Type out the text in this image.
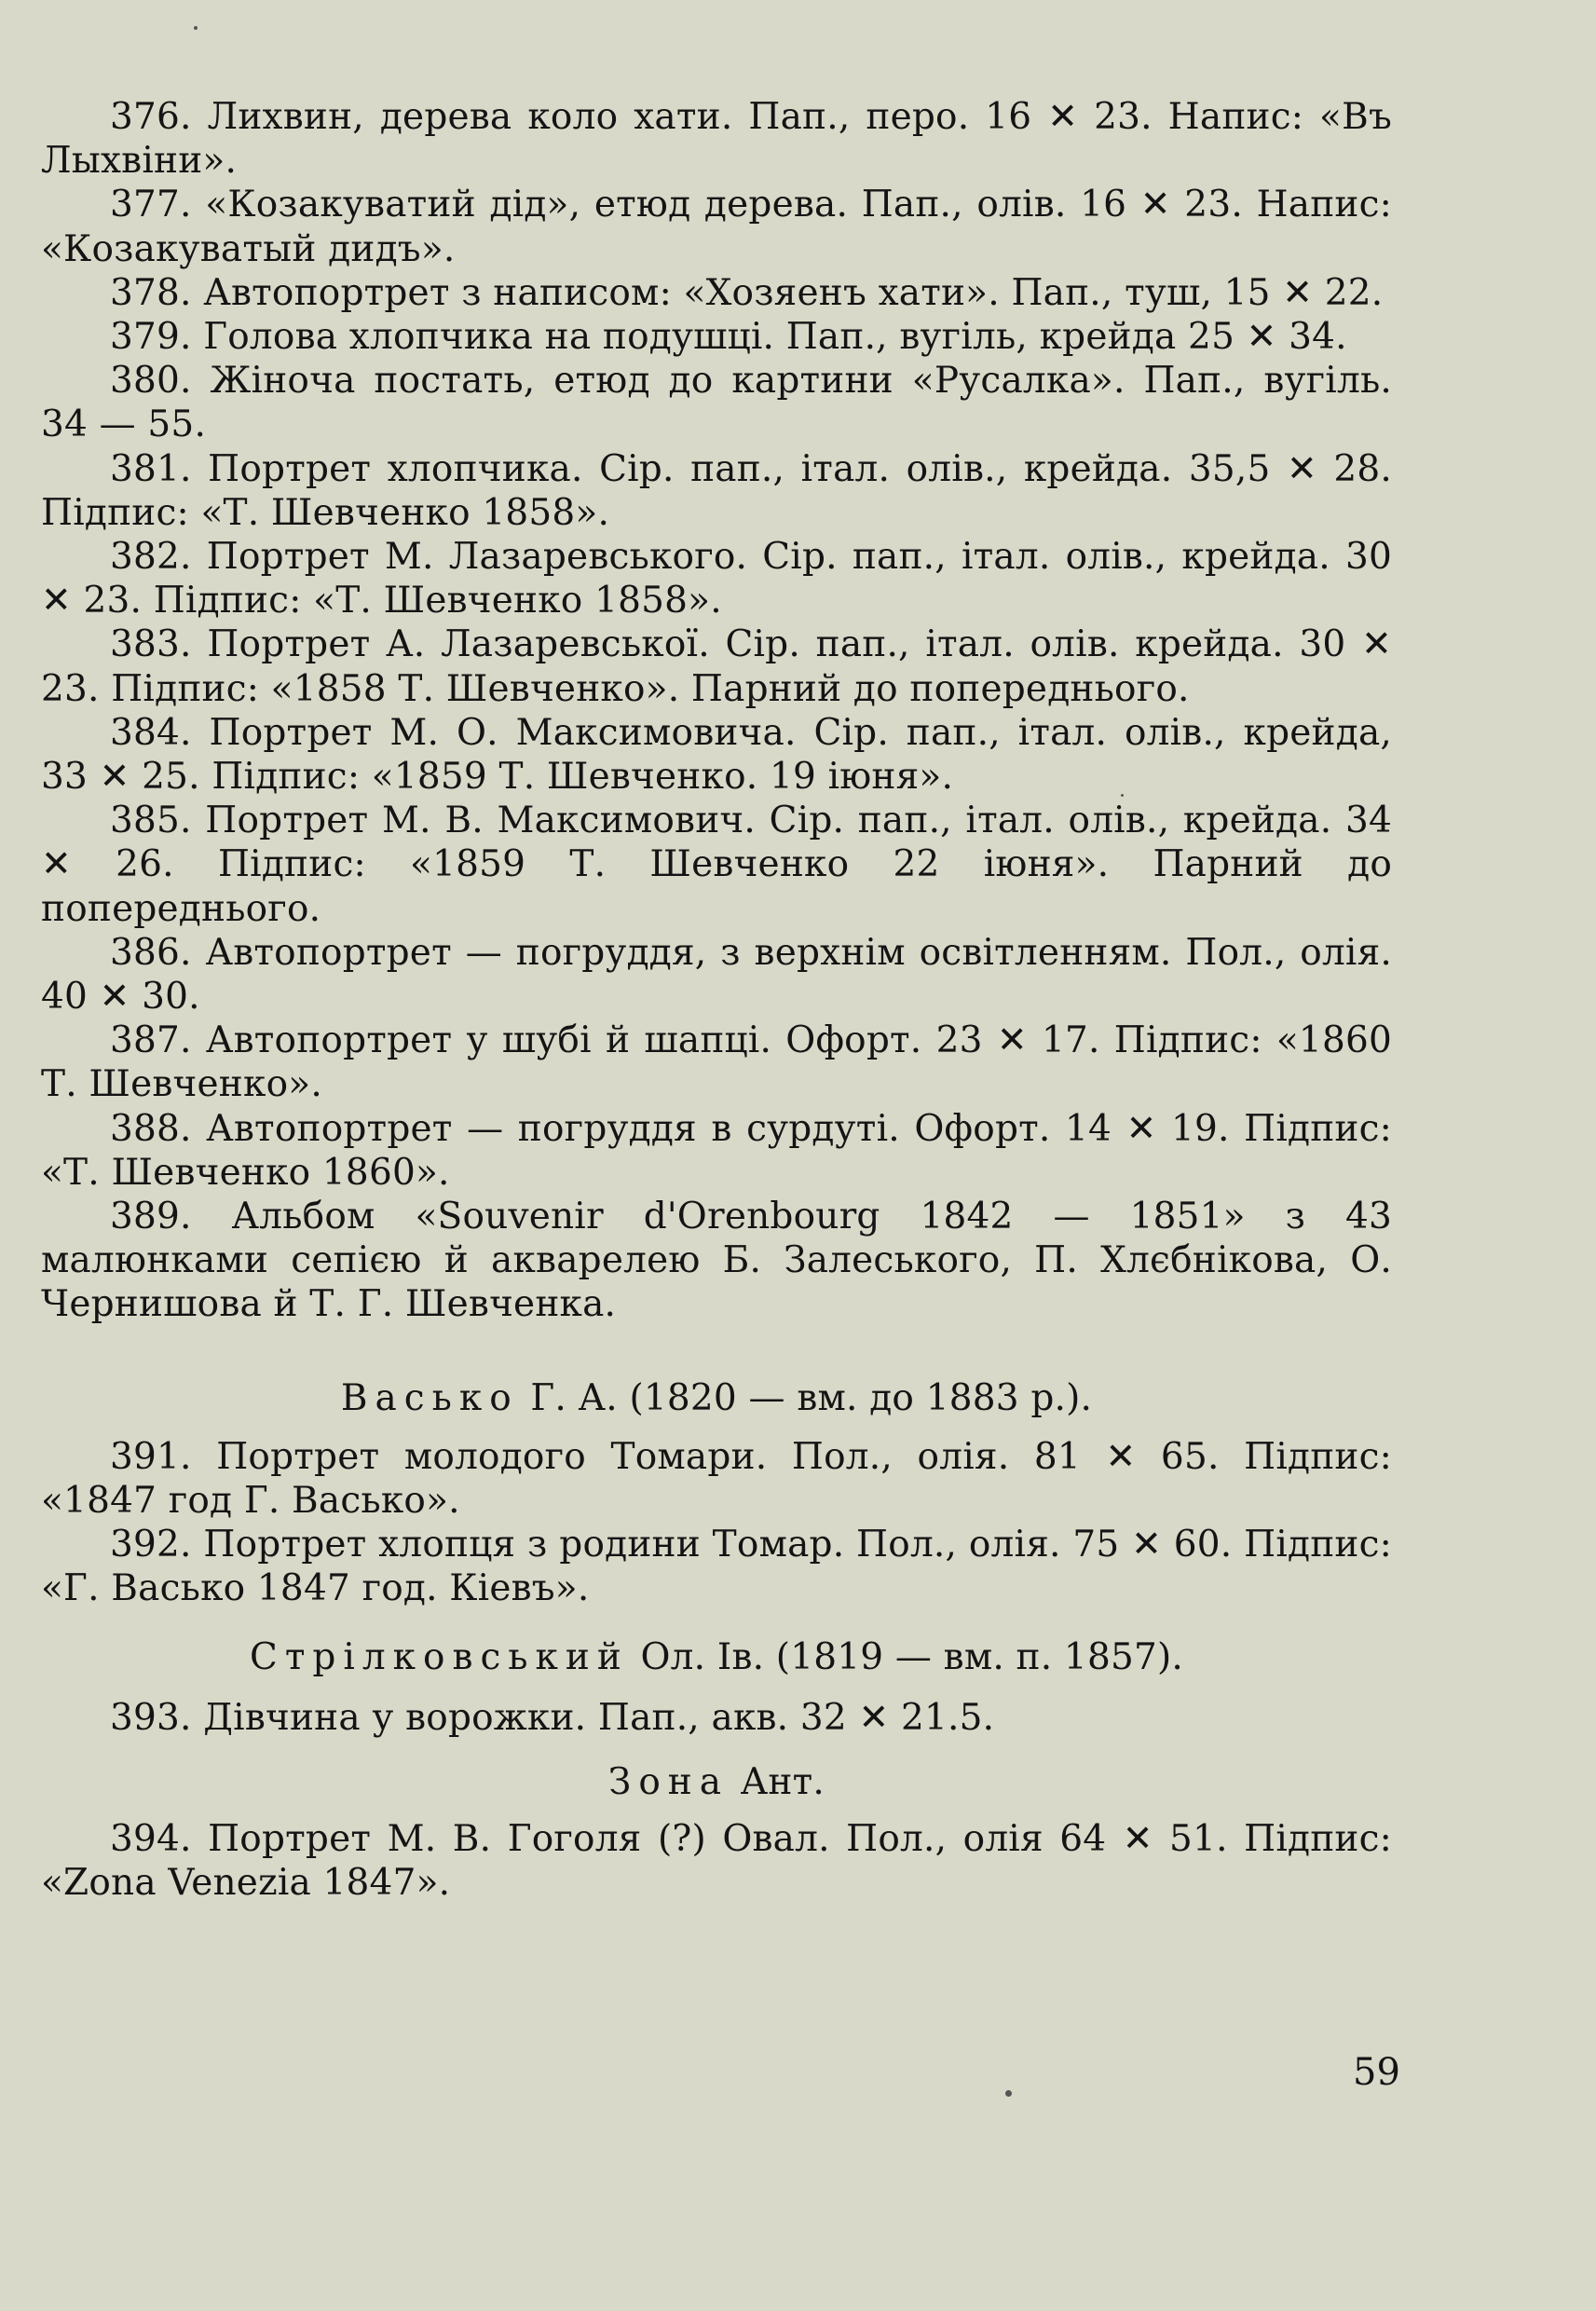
376. Лихвин, дерева коло хати. Пап., перо. 16 ✕ 23. Напис: «Въ Лыхвіни».

377. «Козакуватий дід», етюд дерева. Пап., олів. 16 ✕ 23. Напис: «Козакуватый дидъ».

378. Автопортрет з написом: «Хозяенъ хати». Пап., туш, 15 ✕ 22.

379. Голова хлопчика на подушці. Пап., вугіль, крейда 25 ✕ 34.

380. Жіноча постать, етюд до картини «Русалка». Пап., вугіль. 34 — 55.

381. Портрет хлопчика. Сір. пап., італ. олів., крейда. 35,5 ✕ 28. Підпис: «Т. Шевченко 1858».

382. Портрет М. Лазаревського. Сір. пап., італ. олів., крейда. 30 ✕ 23. Підпис: «Т. Шевченко 1858».

383. Портрет А. Лазаревської. Сір. пап., італ. олів. крейда. 30 ✕ 23. Підпис: «1858 Т. Шевченко». Парний до попереднього.

384. Портрет М. О. Максимовича. Сір. пап., італ. олів., крейда, 33 ✕ 25. Підпис: «1859 Т. Шевченко. 19 іюня».

385. Портрет М. В. Максимович. Сір. пап., італ. олів., крейда. 34 ✕ 26. Підпис: «1859 Т. Шевченко 22 іюня». Парний до попереднього.

386. Автопортрет — погруддя, з верхнім освітленням. Пол., олія. 40 ✕ 30.

387. Автопортрет у шубі й шапці. Офорт. 23 ✕ 17. Підпис: «1860 Т. Шевченко».

388. Автопортрет — погруддя в сурдуті. Офорт. 14 ✕ 19. Підпис: «Т. Шевченко 1860».

389. Альбом «Souvenir d'Orenbourg 1842 — 1851» з 43 малюнками сепією й акварелею Б. Залеського, П. Хлєбнікова, О. Чернишова й Т. Г. Шевченка.

Васько Г. А. (1820 — вм. до 1883 р.).

391. Портрет молодого Томари. Пол., олія. 81 ✕ 65. Підпис: «1847 год Г. Васько».

392. Портрет хлопця з родини Томар. Пол., олія. 75 ✕ 60. Підпис: «Г. Васько 1847 год. Кіевъ».

Стрілковський Ол. Ів. (1819 — вм. п. 1857).

393. Дівчина у ворожки. Пап., акв. 32 ✕ 21.5.

Зона Ант.

394. Портрет М. В. Гоголя (?) Овал. Пол., олія 64 ✕ 51. Підпис: «Zona Venezia 1847».

59
